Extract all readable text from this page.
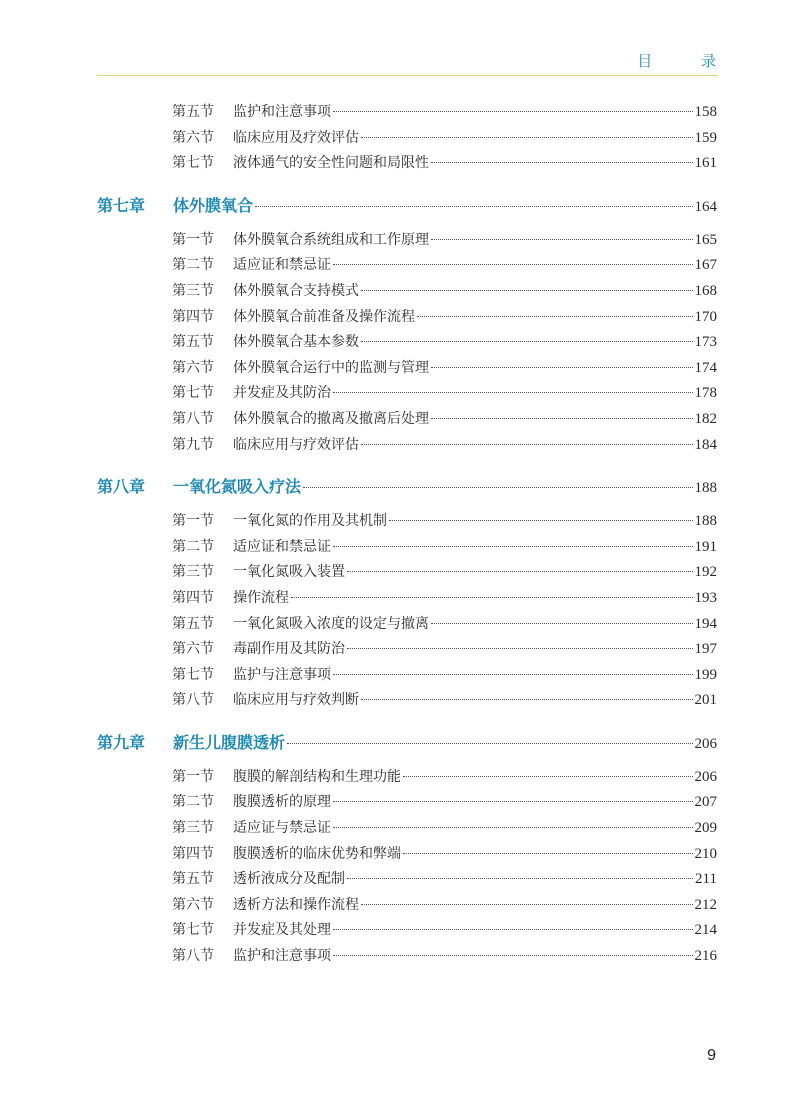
目 录
第五节	监护和注意事项	158
第六节	临床应用及疗效评估	159
第七节	液体通气的安全性问题和局限性	161
第七章	体外膜氧合	164
第一节	体外膜氧合系统组成和工作原理	165
第二节	适应证和禁忌证	167
第三节	体外膜氧合支持模式	168
第四节	体外膜氧合前准备及操作流程	170
第五节	体外膜氧合基本参数	173
第六节	体外膜氧合运行中的监测与管理	174
第七节	并发症及其防治	178
第八节	体外膜氧合的撤离及撤离后处理	182
第九节	临床应用与疗效评估	184
第八章	一氧化氮吸入疗法	188
第一节	一氧化氮的作用及其机制	188
第二节	适应证和禁忌证	191
第三节	一氧化氮吸入装置	192
第四节	操作流程	193
第五节	一氧化氮吸入浓度的设定与撤离	194
第六节	毒副作用及其防治	197
第七节	监护与注意事项	199
第八节	临床应用与疗效判断	201
第九章	新生儿腹膜透析	206
第一节	腹膜的解剖结构和生理功能	206
第二节	腹膜透析的原理	207
第三节	适应证与禁忌证	209
第四节	腹膜透析的临床优势和弊端	210
第五节	透析液成分及配制	211
第六节	透析方法和操作流程	212
第七节	并发症及其处理	214
第八节	监护和注意事项	216
9
